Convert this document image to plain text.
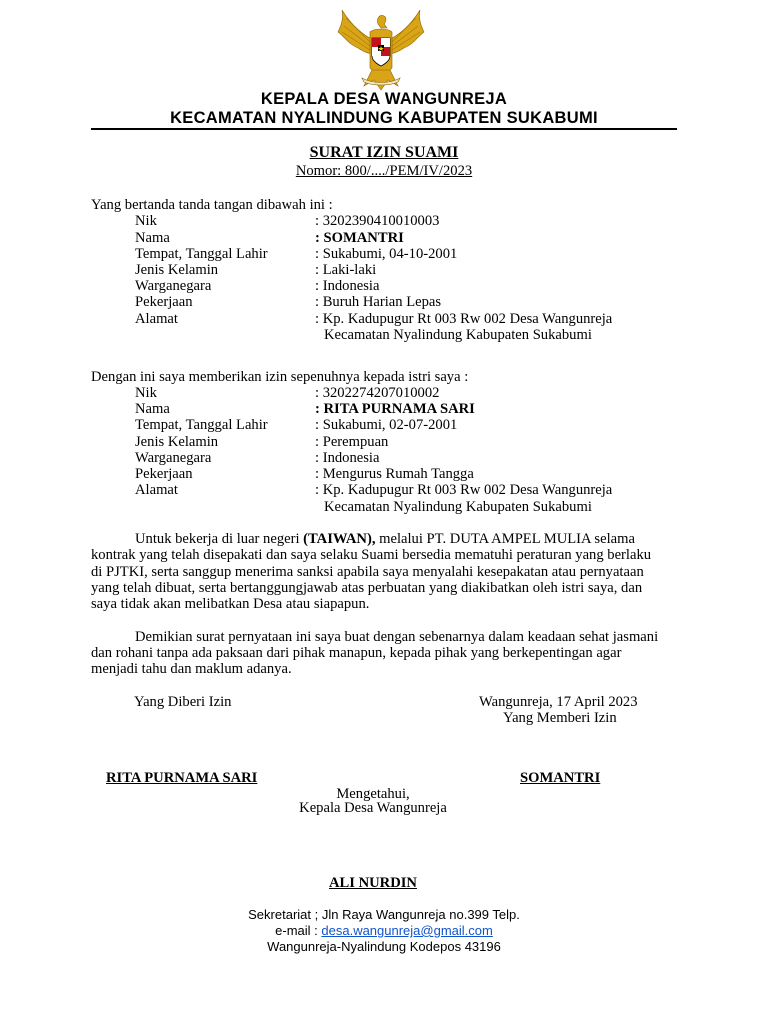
KEPALA DESA WANGUNREJA
KECAMATAN NYALINDUNG KABUPATEN SUKABUMI
SURAT IZIN SUAMI
Nomor: 800/..../PEM/IV/2023
Yang bertanda tanda tangan dibawah ini :
Nik	: 3202390410010003
Nama	: SOMANTRI
Tempat, Tanggal Lahir	: Sukabumi, 04-10-2001
Jenis Kelamin	: Laki-laki
Warganegara	: Indonesia
Pekerjaan	: Buruh Harian Lepas
Alamat	: Kp. Kadupugur Rt 003 Rw 002 Desa Wangunreja
Kecamatan Nyalindung Kabupaten Sukabumi
Dengan ini saya memberikan izin sepenuhnya kepada istri saya :
Nik	: 3202274207010002
Nama	: RITA PURNAMA SARI
Tempat, Tanggal Lahir	: Sukabumi, 02-07-2001
Jenis Kelamin	: Perempuan
Warganegara	: Indonesia
Pekerjaan	: Mengurus Rumah Tangga
Alamat	: Kp. Kadupugur Rt 003 Rw 002 Desa Wangunreja
Kecamatan Nyalindung Kabupaten Sukabumi
Untuk bekerja di luar negeri (TAIWAN), melalui PT. DUTA AMPEL MULIA selama
kontrak yang telah disepakati dan saya selaku Suami bersedia mematuhi peraturan yang berlaku
di PJTKI, serta sanggup menerima sanksi apabila saya menyalahi kesepakatan atau pernyataan
yang telah dibuat, serta bertanggungjawab atas perbuatan yang diakibatkan oleh istri saya, dan
saya tidak akan melibatkan Desa atau siapapun.
Demikian surat pernyataan ini saya buat dengan sebenarnya dalam keadaan sehat jasmani
dan rohani tanpa ada paksaan dari pihak manapun, kepada pihak yang berkepentingan agar
menjadi tahu dan maklum adanya.
Yang Diberi Izin	Wangunreja, 17 April 2023
Yang Memberi Izin
RITA PURNAMA SARI	SOMANTRI
Mengetahui,
Kepala Desa Wangunreja
ALI NURDIN
Sekretariat ; Jln Raya Wangunreja no.399 Telp.
e-mail : desa.wangunreja@gmail.com
Wangunreja-Nyalindung Kodepos 43196
